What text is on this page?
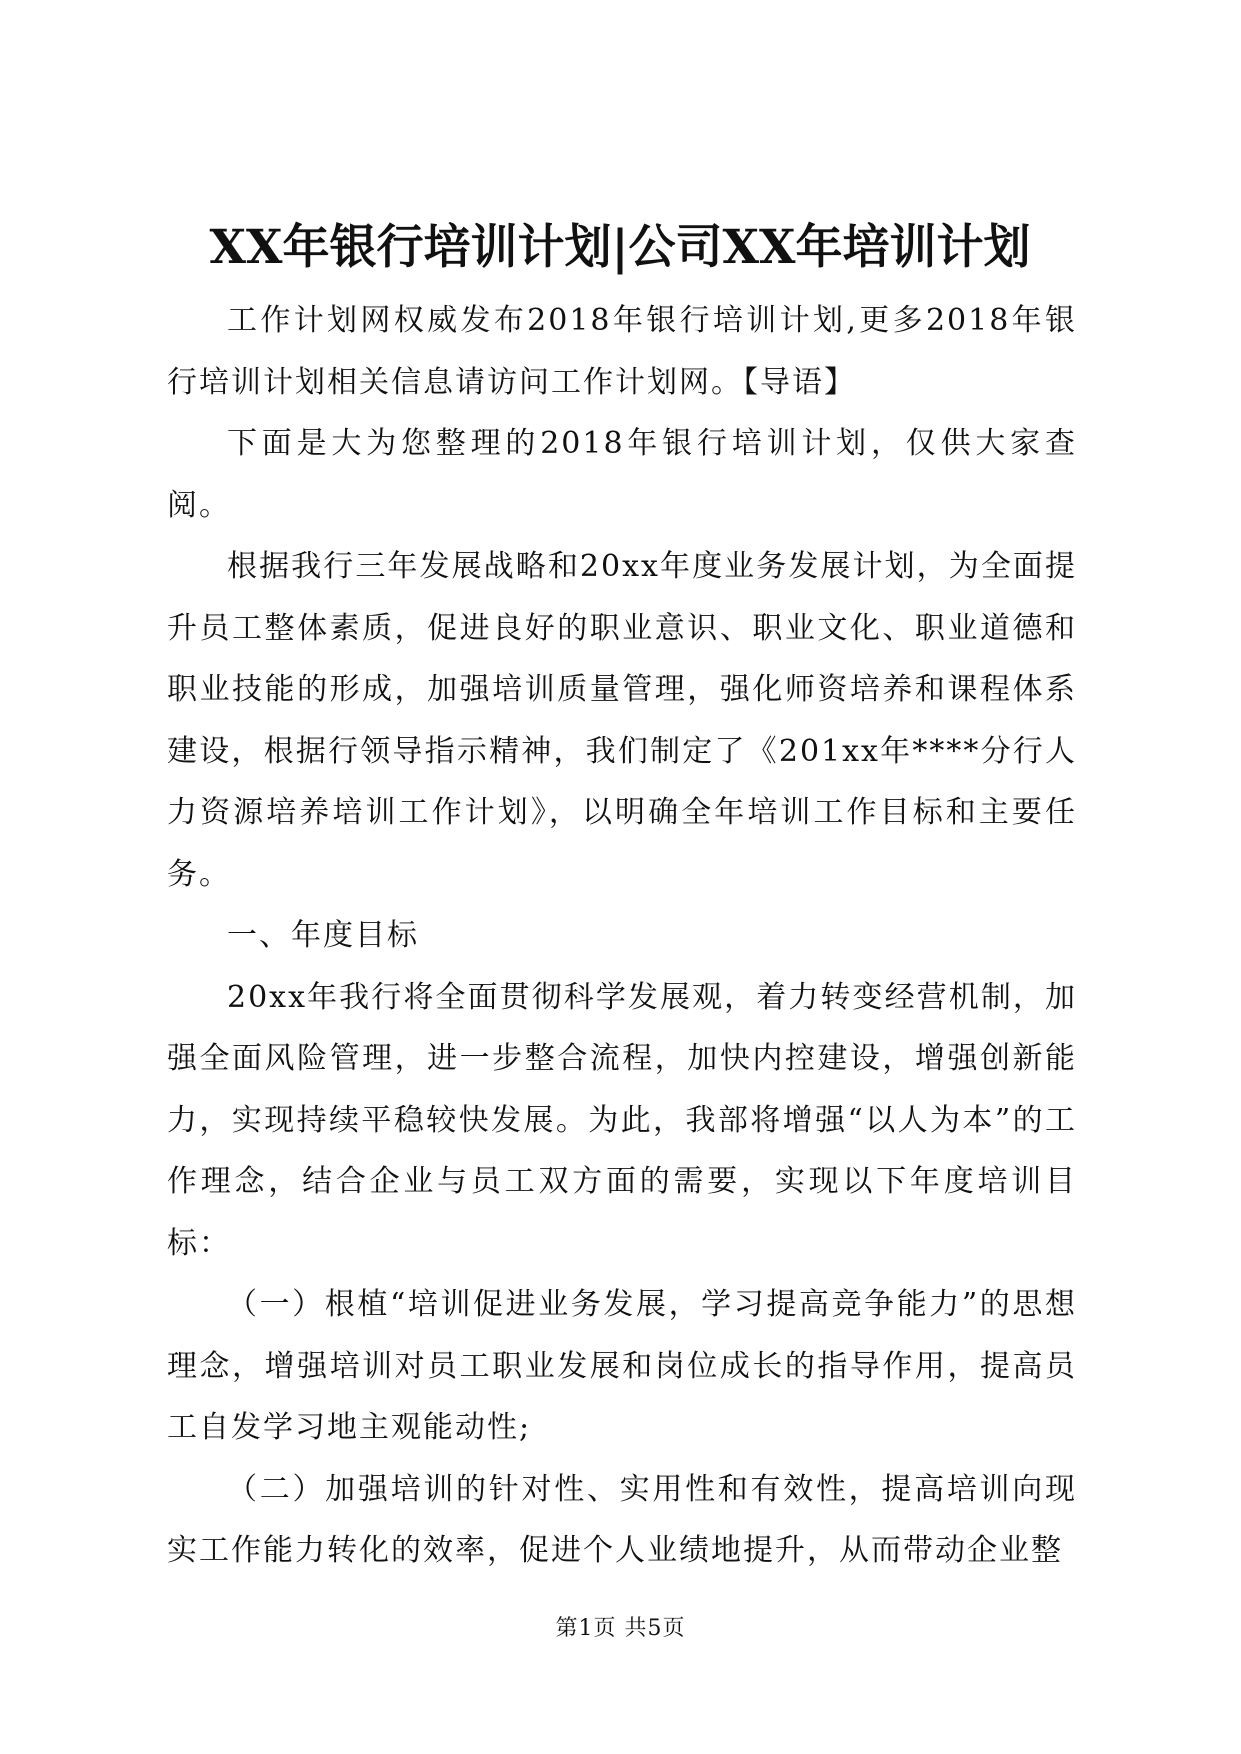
XX年银行培训计划|公司XX年培训计划

工作计划网权威发布2018年银行培训计划,更多2018年银行培训计划相关信息请访问工作计划网。【导语】

下面是大为您整理的2018年银行培训计划，仅供大家查阅。

根据我行三年发展战略和20xx年度业务发展计划，为全面提升员工整体素质，促进良好的职业意识、职业文化、职业道德和职业技能的形成，加强培训质量管理，强化师资培养和课程体系建设，根据行领导指示精神，我们制定了《201xx年****分行人力资源培养培训工作计划》，以明确全年培训工作目标和主要任务。

一、年度目标

20xx年我行将全面贯彻科学发展观，着力转变经营机制，加强全面风险管理，进一步整合流程，加快内控建设，增强创新能力，实现持续平稳较快发展。为此，我部将增强“以人为本”的工作理念，结合企业与员工双方面的需要，实现以下年度培训目标：

（一）根植“培训促进业务发展，学习提高竞争能力”的思想理念，增强培训对员工职业发展和岗位成长的指导作用，提高员工自发学习地主观能动性;

（二）加强培训的针对性、实用性和有效性，提高培训向现实工作能力转化的效率，促进个人业绩地提升，从而带动企业整

第1页 共5页
